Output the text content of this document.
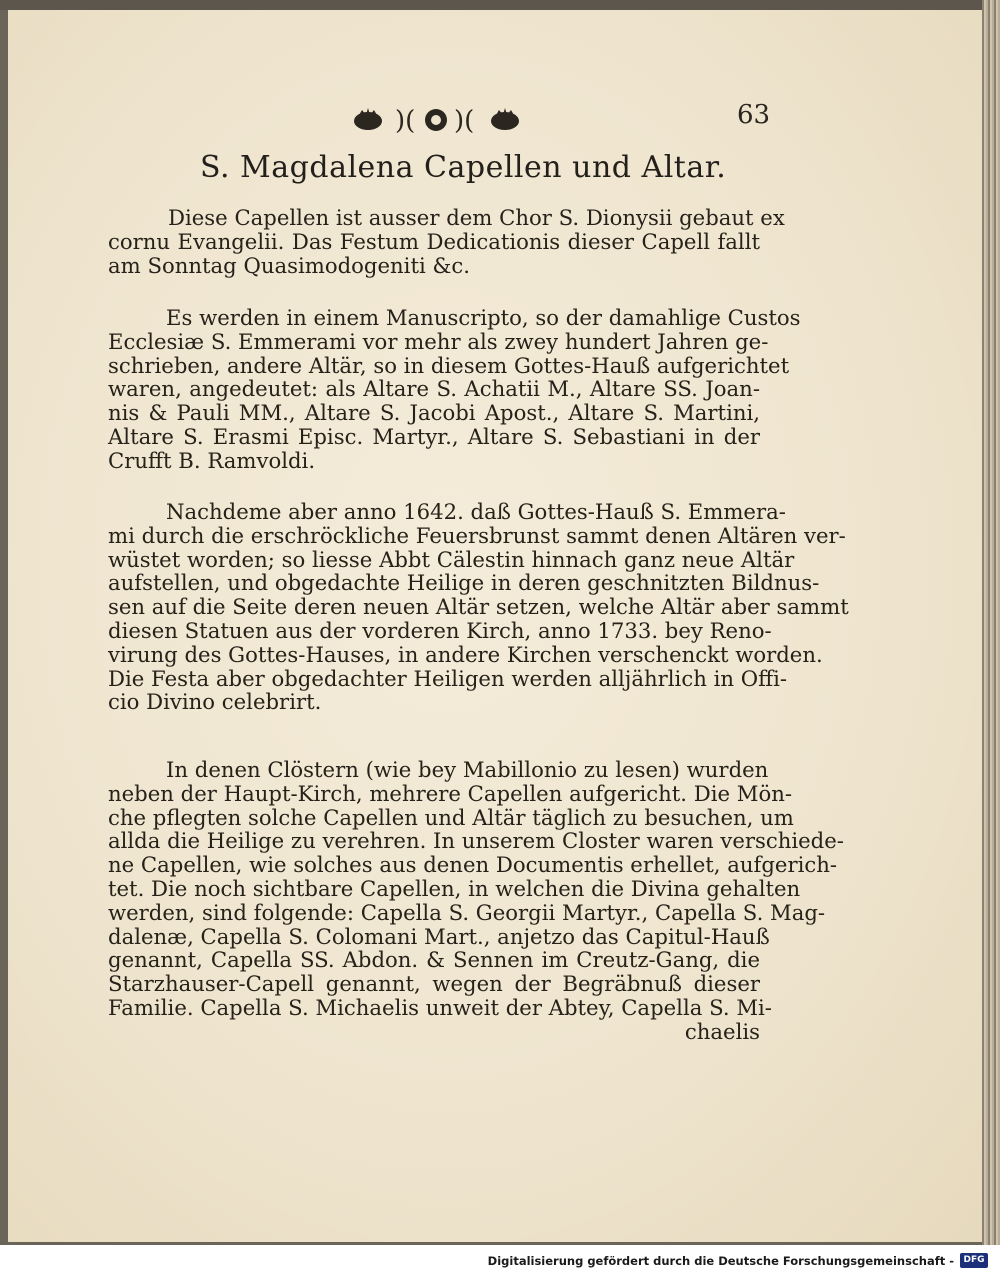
)( )(	63
S. Magdalena Capellen und Altar.
Diese Capellen ist ausser dem Chor S. Dionysii gebaut ex
cornu Evangelii. Das Festum Dedicationis dieser Capell fallt
am Sonntag Quasimodogeniti &c.
Es werden in einem Manuscripto, so der damahlige Custos
Ecclesiæ S. Emmerami vor mehr als zwey hundert Jahren ge-
schrieben, andere Altär, so in diesem Gottes-Hauß aufgerichtet
waren, angedeutet: als Altare S. Achatii M., Altare SS. Joan-
nis & Pauli MM., Altare S. Jacobi Apost., Altare S. Martini,
Altare S. Erasmi Episc. Martyr., Altare S. Sebastiani in der
Crufft B. Ramvoldi.
Nachdeme aber anno 1642. daß Gottes-Hauß S. Emmera-
mi durch die erschröckliche Feuersbrunst sammt denen Altären ver-
wüstet worden; so liesse Abbt Cälestin hinnach ganz neue Altär
aufstellen, und obgedachte Heilige in deren geschnitzten Bildnus-
sen auf die Seite deren neuen Altär setzen, welche Altär aber sammt
diesen Statuen aus der vorderen Kirch, anno 1733. bey Reno-
virung des Gottes-Hauses, in andere Kirchen verschenckt worden.
Die Festa aber obgedachter Heiligen werden alljährlich in Offi-
cio Divino celebrirt.
In denen Clöstern (wie bey Mabillonio zu lesen) wurden
neben der Haupt-Kirch, mehrere Capellen aufgericht. Die Mön-
che pflegten solche Capellen und Altär täglich zu besuchen, um
allda die Heilige zu verehren. In unserem Closter waren verschiede-
ne Capellen, wie solches aus denen Documentis erhellet, aufgerich-
tet. Die noch sichtbare Capellen, in welchen die Divina gehalten
werden, sind folgende: Capella S. Georgii Martyr., Capella S. Mag-
dalenæ, Capella S. Colomani Mart., anjetzo das Capitul-Hauß
genannt, Capella SS. Abdon. & Sennen im Creutz-Gang, die
Starzhauser-Capell genannt, wegen der Begräbnuß dieser
Familie. Capella S. Michaelis unweit der Abtey, Capella S. Mi-
chaelis
Digitalisierung gefördert durch die Deutsche Forschungsgemeinschaft -	DFG
